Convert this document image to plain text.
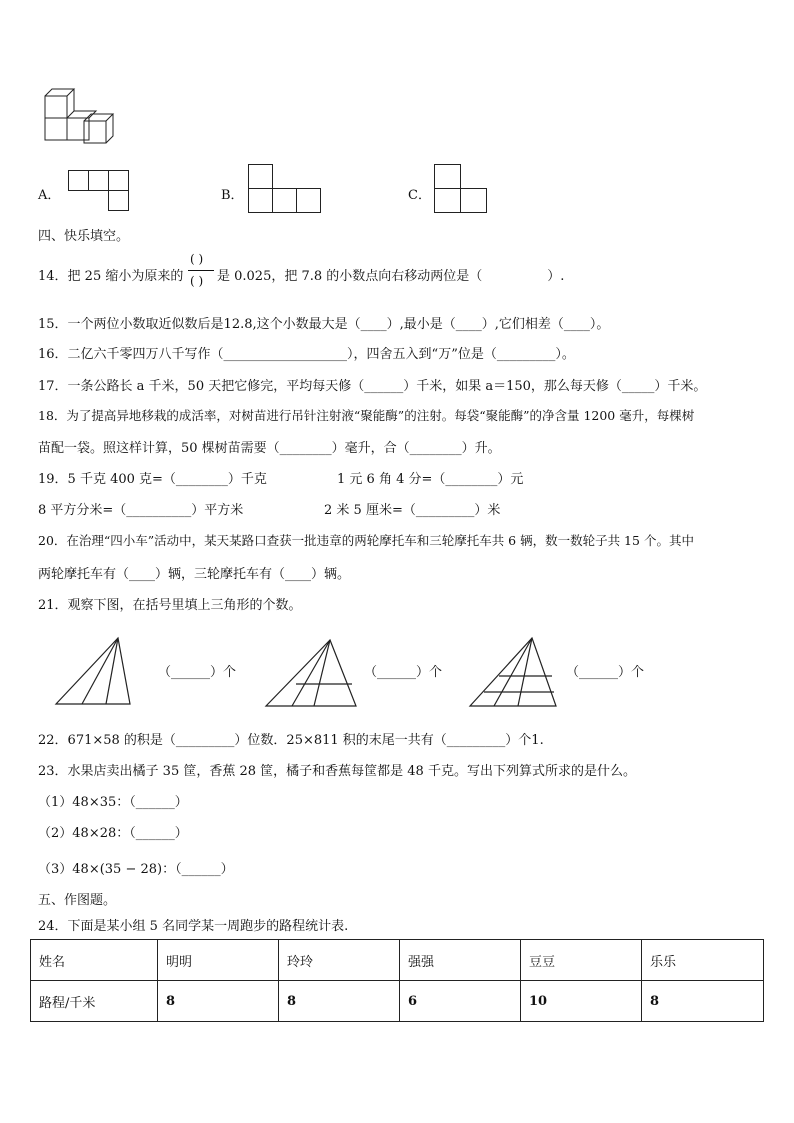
A．	B．	C．
四、快乐填空。
14．把 25 缩小为原来的
( )
( ) 是 0.025，把 7.8 的小数点向右移动两位是（　　　　　）.
15．一个两位小数取近似数后是12.8,这个小数最大是（____）,最小是（____）,它们相差（____）。
16．二亿六千零四万八千写作（___________________），四舍五入到“万”位是（_________）。
17．一条公路长 a 千米，50 天把它修完，平均每天修（______）千米，如果 a＝150，那么每天修（_____）千米。
18．为了提高异地移栽的成活率，对树苗进行吊针注射液“聚能酶”的注射。每袋“聚能酶”的净含量 1200 毫升，每棵树
苗配一袋。照这样计算，50 棵树苗需要（________）毫升，合（________）升。
19．5 千克 400 克=（________）千克	1 元 6 角 4 分=（________）元
8 平方分米=（__________）平方米	2 米 5 厘米=（_________）米
20．在治理“四小车”活动中，某天某路口查获一批违章的两轮摩托车和三轮摩托车共 6 辆，数一数轮子共 15 个。其中
两轮摩托车有（____）辆，三轮摩托车有（____）辆。
21．观察下图，在括号里填上三角形的个数。
（______）个	（______）个	（______）个
22．671×58 的积是（_________）位数．25×811 积的末尾一共有（_________）个1.
23．水果店卖出橘子 35 筐，香蕉 28 筐，橘子和香蕉每筐都是 48 千克。写出下列算式所求的是什么。
（1）48×35：（______）
（2）48×28：（______）
（3）48×(35 − 28)：（______）
五、作图题。
24．下面是某小组 5 名同学某一周跑步的路程统计表.
姓名	明明	玲玲	强强	豆豆	乐乐
路程/千米	8	8	6	10	8
